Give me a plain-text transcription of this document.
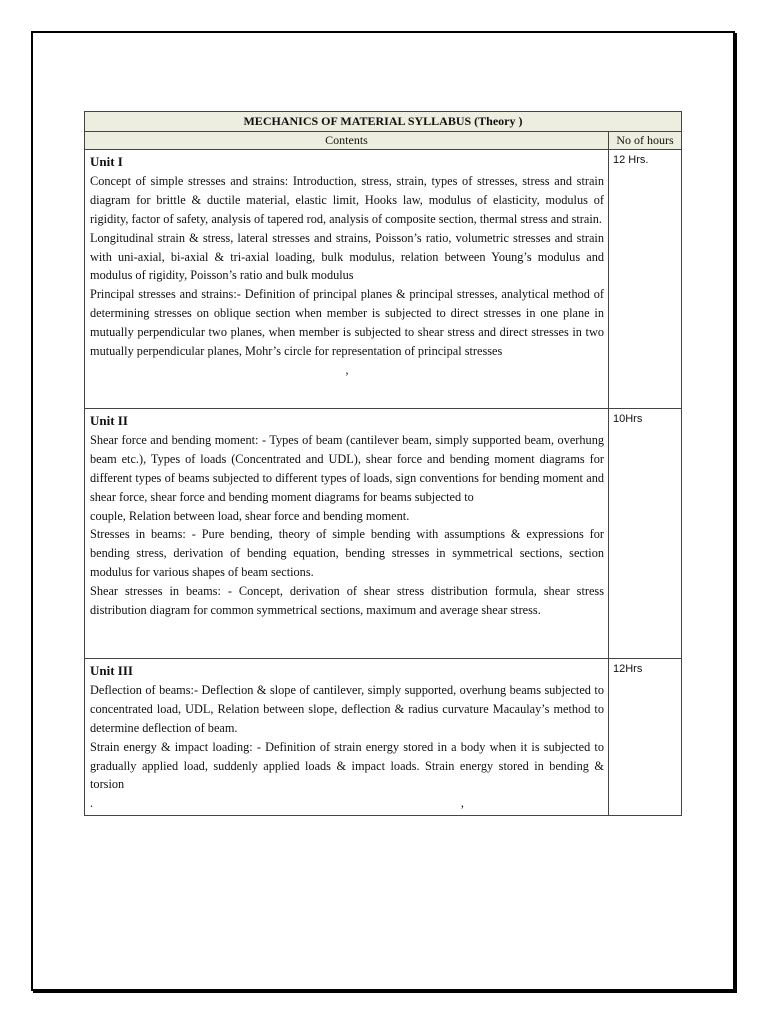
MECHANICS OF MATERIAL SYLLABUS (Theory )	
Contents	No of hours

Unit I

Concept of simple stresses and strains: Introduction, stress, strain, types of stresses, stress and strain diagram for brittle & ductile material, elastic limit, Hooks law, modulus of elasticity, modulus of rigidity, factor of safety, analysis of tapered rod, analysis of composite section, thermal stress and strain.

Longitudinal strain & stress, lateral stresses and strains, Poisson’s ratio, volumetric stresses and strain with uni-axial, bi-axial & tri-axial loading, bulk modulus, relation between Young’s modulus and modulus of rigidity, Poisson’s ratio and bulk modulus

Principal stresses and strains:- Definition of principal planes & principal stresses, analytical method of determining stresses on oblique section when member is subjected to direct stresses in one plane in mutually perpendicular two planes, when member is subjected to shear stress and direct stresses in two mutually perpendicular planes, Mohr’s circle for representation of principal stresses

,	12 Hrs.

Unit II

Shear force and bending moment: - Types of beam (cantilever beam, simply supported beam, overhung beam etc.), Types of loads (Concentrated and UDL), shear force and bending moment diagrams for different types of beams subjected to different types of loads, sign conventions for bending moment and shear force, shear force and bending moment diagrams for beams subjected to

couple, Relation between load, shear force and bending moment.

Stresses in beams: - Pure bending, theory of simple bending with assumptions & expressions for bending stress, derivation of bending equation, bending stresses in symmetrical sections, section modulus for various shapes of beam sections.

Shear stresses in beams: - Concept, derivation of shear stress distribution formula, shear stress distribution diagram for common symmetrical sections, maximum and average shear stress.	10Hrs

Unit III

Deflection of beams:- Deflection & slope of cantilever, simply supported, overhung beams subjected to concentrated load, UDL, Relation between slope, deflection & radius curvature Macaulay’s method to determine deflection of beam.

Strain energy & impact loading: - Definition of strain energy stored in a body when it is subjected to gradually applied load, suddenly applied loads & impact loads. Strain energy stored in bending & torsion

. ,	12Hrs
